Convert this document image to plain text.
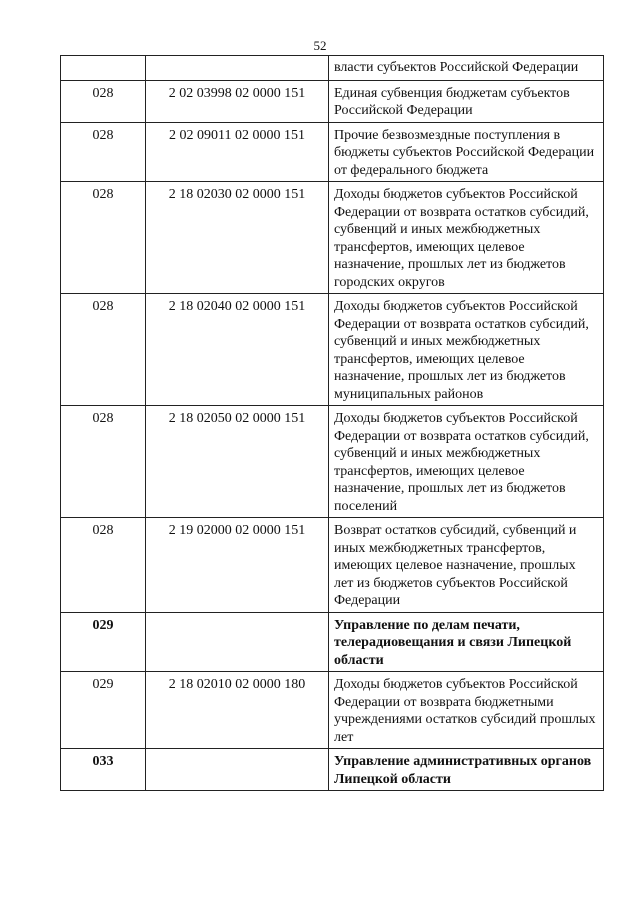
52
		власти субъектов Российской Федерации
028	2 02 03998 02 0000 151	Единая субвенция бюджетам субъектов Российской Федерации
028	2 02 09011 02 0000 151	Прочие безвозмездные поступления в бюджеты субъектов Российской Федерации от федерального бюджета
028	2 18 02030 02 0000 151	Доходы бюджетов субъектов Российской Федерации от возврата остатков субсидий, субвенций и иных межбюджетных трансфертов, имеющих целевое назначение, прошлых лет из бюджетов городских округов
028	2 18 02040 02 0000 151	Доходы бюджетов субъектов Российской Федерации от возврата остатков субсидий, субвенций и иных межбюджетных трансфертов, имеющих целевое назначение, прошлых лет из бюджетов муниципальных районов
028	2 18 02050 02 0000 151	Доходы бюджетов субъектов Российской Федерации от возврата остатков субсидий, субвенций и иных межбюджетных трансфертов, имеющих целевое назначение, прошлых лет из бюджетов поселений
028	2 19 02000 02 0000 151	Возврат остатков субсидий, субвенций и иных межбюджетных трансфертов, имеющих целевое назначение, прошлых лет из бюджетов субъектов Российской Федерации
029		Управление по делам печати, телерадиовещания и связи Липецкой области
029	2 18 02010 02 0000 180	Доходы бюджетов субъектов Российской Федерации от возврата бюджетными учреждениями остатков субсидий прошлых лет
033		Управление административных органов Липецкой области
